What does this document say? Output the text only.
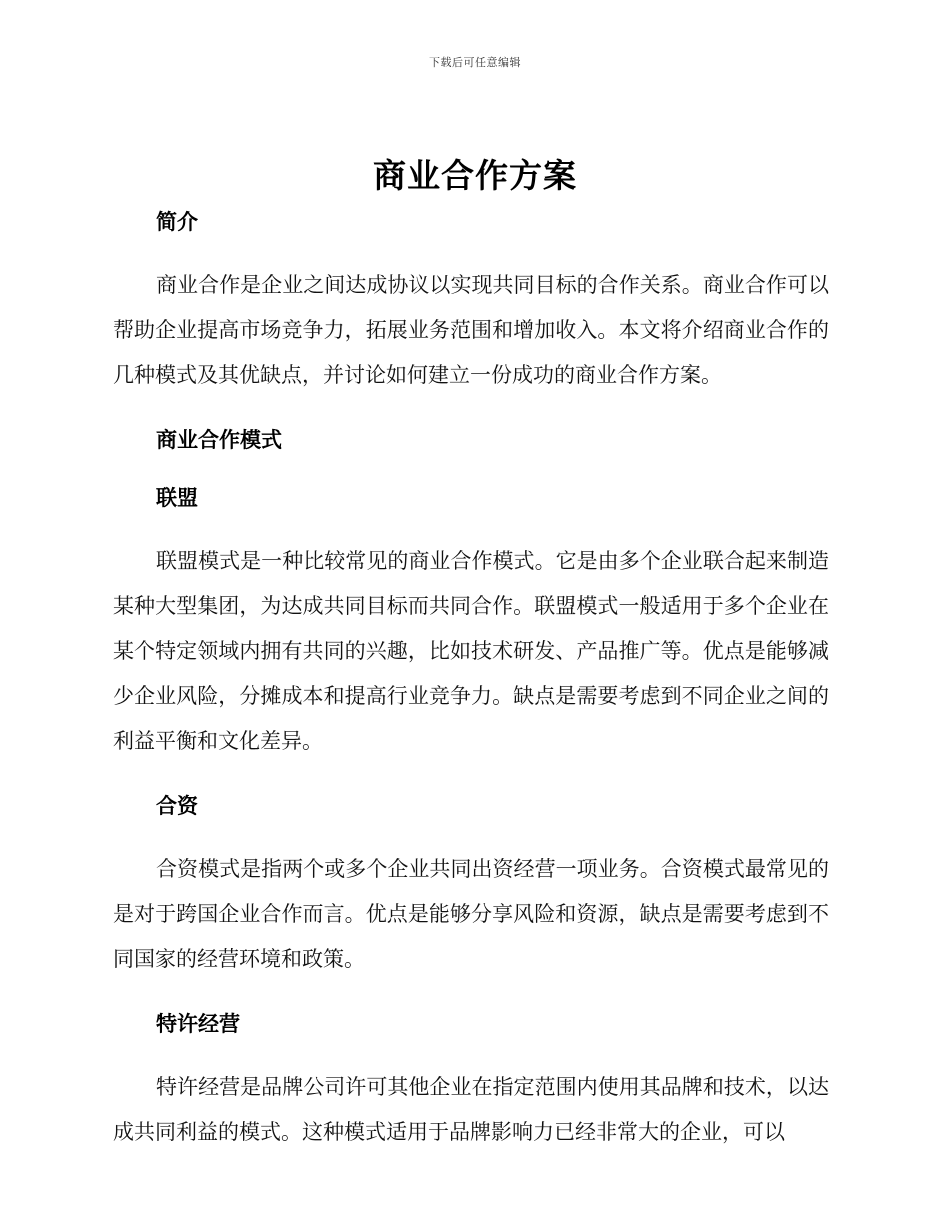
下载后可任意编辑
商业合作方案
简介

商业合作是企业之间达成协议以实现共同目标的合作关系。商业合作可以帮助企业提高市场竞争力，拓展业务范围和增加收入。本文将介绍商业合作的几种模式及其优缺点，并讨论如何建立一份成功的商业合作方案。

商业合作模式
联盟

联盟模式是一种比较常见的商业合作模式。它是由多个企业联合起来制造某种大型集团，为达成共同目标而共同合作。联盟模式一般适用于多个企业在某个特定领域内拥有共同的兴趣，比如技术研发、产品推广等。优点是能够减少企业风险，分摊成本和提高行业竞争力。缺点是需要考虑到不同企业之间的利益平衡和文化差异。

合资

合资模式是指两个或多个企业共同出资经营一项业务。合资模式最常见的是对于跨国企业合作而言。优点是能够分享风险和资源，缺点是需要考虑到不同国家的经营环境和政策。

特许经营

特许经营是品牌公司许可其他企业在指定范围内使用其品牌和技术，以达成共同利益的模式。这种模式适用于品牌影响力已经非常大的企业，可以
